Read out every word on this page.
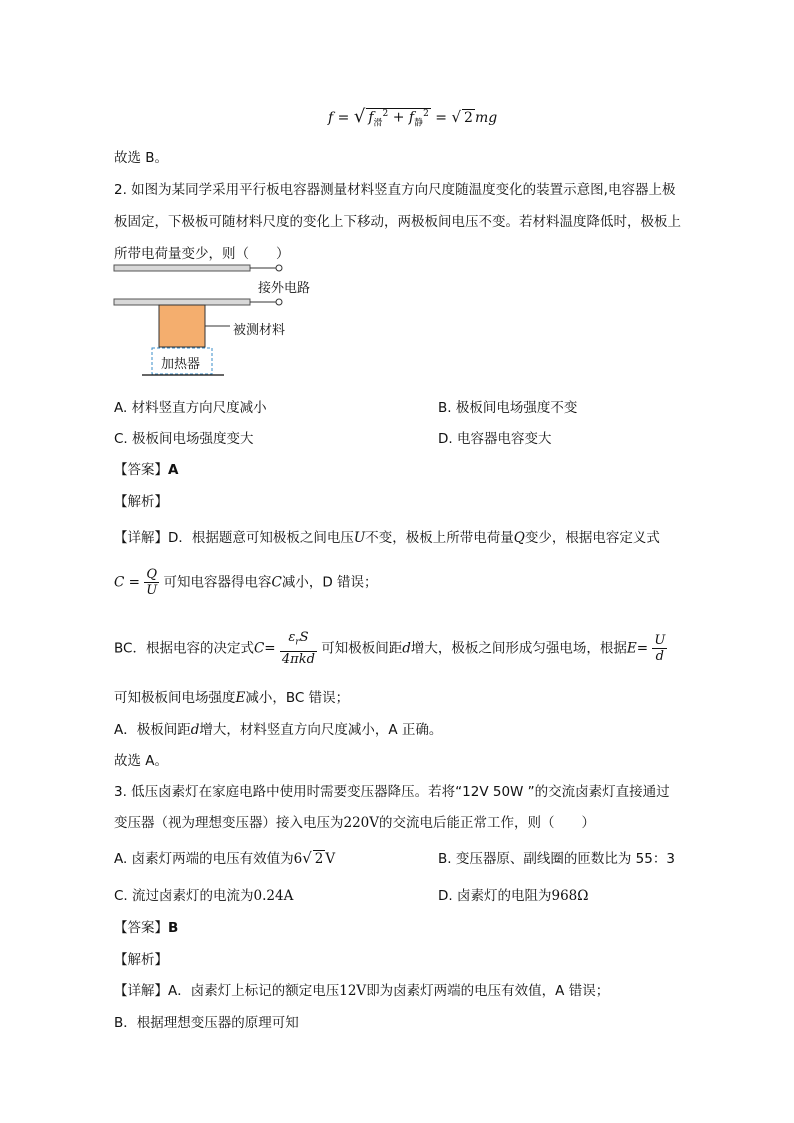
f = √ $f_滑^2 + f_静^2$ = √ 2 mg
故选 B。
2. 如图为某同学采用平行板电容器测量材料竖直方向尺度随温度变化的装置示意图,电容器上极
板固定，下极板可随材料尺度的变化上下移动，两极板间电压不变。若材料温度降低时，极板上
所带电荷量变少，则（　　）
接外电路
被测材料
加热器
A. 材料竖直方向尺度减小	B. 极板间电场强度不变
C. 极板间电场强度变大	D. 电容器电容变大
【答案】A
【解析】
【详解】D．根据题意可知极板之间电压U不变，极板上所带电荷量Q变少，根据电容定义式
$C = \frac{Q}{U}$ 可知电容器得电容C减小，D 错误；
BC．根据电容的决定式$C= \frac{\varepsilon_rS}{\text{4πkd}}$ 可知极板间距d增大，极板之间形成匀强电场，根据$E= \frac{U}{d}$
可知极板间电场强度E减小，BC 错误；
A．极板间距d增大，材料竖直方向尺度减小，A 正确。
故选 A。
3. 低压卤素灯在家庭电路中使用时需要变压器降压。若将“12V 50W ”的交流卤素灯直接通过
变压器（视为理想变压器）接入电压为220V的交流电后能正常工作，则（　　）
A. 卤素灯两端的电压有效值为6√ 2 V	B. 变压器原、副线圈的匝数比为 55：3
C. 流过卤素灯的电流为0.24A	D. 卤素灯的电阻为968Ω
【答案】B
【解析】
【详解】A．卤素灯上标记的额定电压12V即为卤素灯两端的电压有效值，A 错误；
B．根据理想变压器的原理可知
